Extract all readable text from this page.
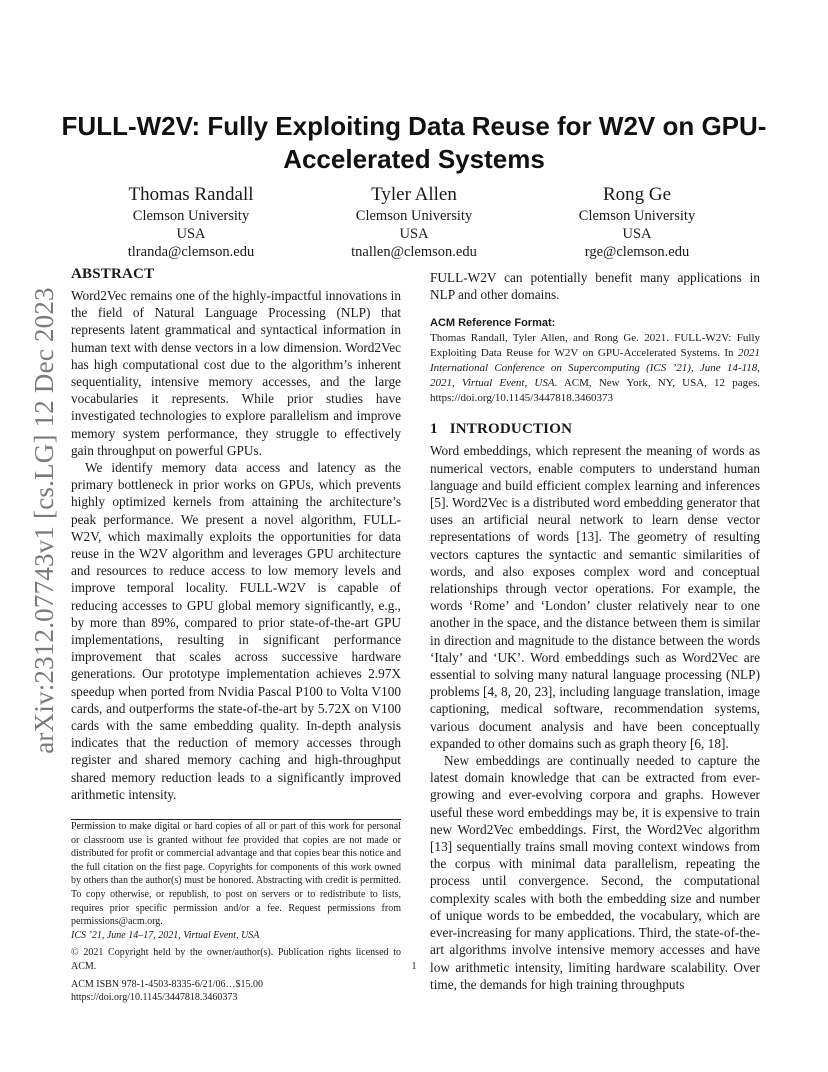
arXiv:2312.07743v1 [cs.LG] 12 Dec 2023
FULL-W2V: Fully Exploiting Data Reuse for W2V on GPU-Accelerated Systems
Thomas Randall
Clemson University
USA
tlranda@clemson.edu
Tyler Allen
Clemson University
USA
tnallen@clemson.edu
Rong Ge
Clemson University
USA
rge@clemson.edu
ABSTRACT

Word2Vec remains one of the highly-impactful innovations in the field of Natural Language Processing (NLP) that represents latent grammatical and syntactical information in human text with dense vectors in a low dimension. Word2Vec has high computational cost due to the algorithm’s inherent sequentiality, intensive memory accesses, and the large vocabularies it represents. While prior studies have investigated technologies to explore parallelism and improve memory system performance, they struggle to effectively gain throughput on powerful GPUs.

We identify memory data access and latency as the primary bottleneck in prior works on GPUs, which prevents highly optimized kernels from attaining the architecture’s peak performance. We present a novel algorithm, FULL-W2V, which maximally exploits the opportunities for data reuse in the W2V algorithm and leverages GPU architecture and resources to reduce access to low memory levels and improve temporal locality. FULL-W2V is capable of reducing accesses to GPU global memory significantly, e.g., by more than 89%, compared to prior state-of-the-art GPU implementations, resulting in significant performance improvement that scales across successive hardware generations. Our prototype implementation achieves 2.97X speedup when ported from Nvidia Pascal P100 to Volta V100 cards, and outperforms the state-of-the-art by 5.72X on V100 cards with the same embedding quality. In-depth analysis indicates that the reduction of memory accesses through register and shared memory caching and high-throughput shared memory reduction leads to a significantly improved arithmetic intensity.

Permission to make digital or hard copies of all or part of this work for personal or classroom use is granted without fee provided that copies are not made or distributed for profit or commercial advantage and that copies bear this notice and the full citation on the first page. Copyrights for components of this work owned by others than the author(s) must be honored. Abstracting with credit is permitted. To copy otherwise, or republish, to post on servers or to redistribute to lists, requires prior specific permission and/or a fee. Request permissions from permissions@acm.org.

ICS ’21, June 14–17, 2021, Virtual Event, USA

© 2021 Copyright held by the owner/author(s). Publication rights licensed to ACM.

ACM ISBN 978-1-4503-8335-6/21/06…$15.00

https://doi.org/10.1145/3447818.3460373

FULL-W2V can potentially benefit many applications in NLP and other domains.

ACM Reference Format:

Thomas Randall, Tyler Allen, and Rong Ge. 2021. FULL-W2V: Fully Exploiting Data Reuse for W2V on GPU-Accelerated Systems. In 2021 International Conference on Supercomputing (ICS ’21), June 14-118, 2021, Virtual Event, USA. ACM, New York, NY, USA, 12 pages. https://doi.org/10.1145/3447818.3460373

1 INTRODUCTION

Word embeddings, which represent the meaning of words as numerical vectors, enable computers to understand human language and build efficient complex learning and inferences [5]. Word2Vec is a distributed word embedding generator that uses an artificial neural network to learn dense vector representations of words [13]. The geometry of resulting vectors captures the syntactic and semantic similarities of words, and also exposes complex word and conceptual relationships through vector operations. For example, the words ‘Rome’ and ‘London’ cluster relatively near to one another in the space, and the distance between them is similar in direction and magnitude to the distance between the words ‘Italy’ and ‘UK’. Word embeddings such as Word2Vec are essential to solving many natural language processing (NLP) problems [4, 8, 20, 23], including language translation, image captioning, medical software, recommendation systems, various document analysis and have been conceptually expanded to other domains such as graph theory [6, 18].

New embeddings are continually needed to capture the latest domain knowledge that can be extracted from ever-growing and ever-evolving corpora and graphs. However useful these word embeddings may be, it is expensive to train new Word2Vec embeddings. First, the Word2Vec algorithm [13] sequentially trains small moving context windows from the corpus with minimal data parallelism, repeating the process until convergence. Second, the computational complexity scales with both the embedding size and number of unique words to be embedded, the vocabulary, which are ever-increasing for many applications. Third, the state-of-the-art algorithms involve intensive memory accesses and have low arithmetic intensity, limiting hardware scalability. Over time, the demands for high training throughputs

1
